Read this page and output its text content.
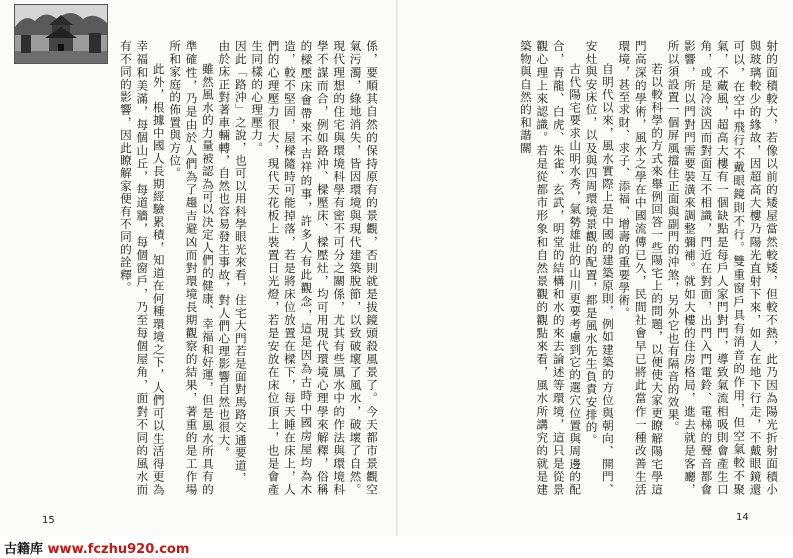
係，要順其自然的保持原有的景觀，否則就是拔鏡頭殺風景了。今天都市景觀空氣污濁，綠地消失，皆因環境與現代建築脫節，以致破壞了風水，破壞了自然。現代理想的住宅與環境科學有密不可分之關係，尤其有些風水中的作法與環境科學不謀而合，例如路沖、樑壓床、樑壓灶，均可用現代環境心理學來解釋，俗稱的樑壓床會帶來不吉祥的事，許多人有此觀念，這是因為古時中國房屋均為木造，較不堅固，屋樑隨時可能掉落，若是將床位放置在樑下，每天睡在床上，人們的心理壓力很大，現代天花板上裝置日光燈，若是安放在床位頂上，也是會產生同樣的心理壓力。

因此「路沖」之說，也可以用科學眼光來看，住宅大門若是面對馬路交通要道，

由於床正對著車輛轉，自然也容易發生事故，對人們心理影響自然也很大。

雖然風水的力量被認為可以決定人們的健康、幸福和好運，但是風水所具有的準確性，乃是由於人們為了趨吉避凶而對環境長期觀察的結果，著重的是工作場所和家庭的佈置與方位。

此外，根據中國人長期經驗累積，知道在何種環境之下，人們可以生活得更為幸福和美滿，每個山丘，每道牆，每個窗戶，乃至每個屋角，面對不同的風水而有不同的影響，因此瞭解家便有不同的詮釋。

15

射的面積較大，若像以前的矮屋當然較矮，但較不熱，此乃因為陽光折射面積小與玻璃較少的緣故，因超高大樓乃陽光直射下來，如人在地下行走，不戴眼鏡還可以，在空中飛行不戴眼鏡則不行。雙重窗戶具有消音的作用，但空氣較不聚氣，不藏風，超高大樓有一個缺點是每戶人家門對門，導致氣流相吸則會產生口角，或是冷淡因而對面互不相識，門近在對面，出門入門電鈴、電梯的聲音都會影響，所以門對門需要裝潢來調整彌補。就如大樓的住房格局，進去就是客廳，所以須設置一個屏風擋住正面與副門的沖煞，另外它也有隔音的效果。

若以較科學的方式來舉例回答一些陽宅上的問題，以便使大家更瞭解陽宅學這門高深的學術，風水之學在中國流傳已久，民間社會早已將此當作一種改善生活環境，甚至求財、求子、添福、增壽的重要學術。

自明代以來，風水實際上是中國的建築原則，例如建築的方位與朝向、開門、安灶與安床位，以及與四周環境景觀的配置，都是風水先生負責安排的。

古代陽宅要求山明水秀，氣勢雄壯的山川更要考慮到它的選穴位置與周邊的配合，青龍、白虎、朱雀、玄武，明堂的結構和水的來去論述等環境，這只是從景觀心理上來認識。若是從都市形象和自然景觀的觀點來看，風水所講究的就是建築物與自然的和諧關

14
古籍库 www.fczhu920.com
